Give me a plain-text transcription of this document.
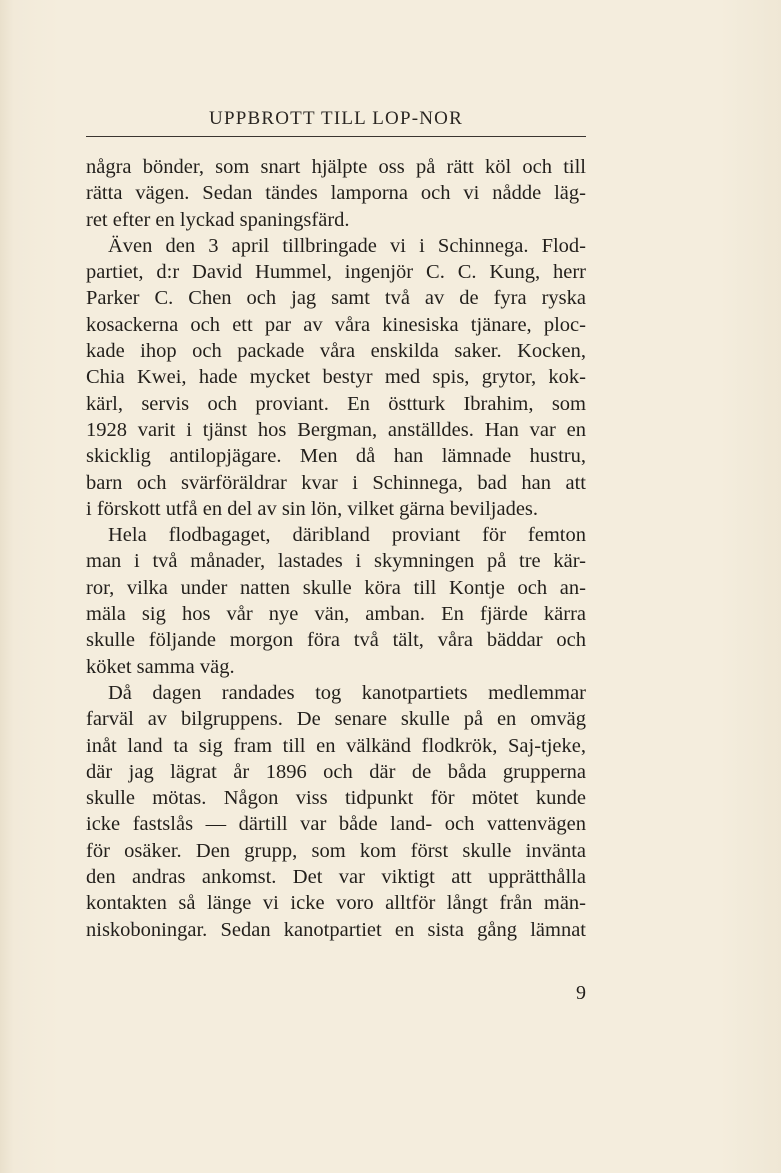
UPPBROTT TILL LOP-NOR
några bönder, som snart hjälpte oss på rätt köl och till
rätta vägen. Sedan tändes lamporna och vi nådde läg-
ret efter en lyckad spaningsfärd.
Även den 3 april tillbringade vi i Schinnega. Flod-
partiet, d:r David Hummel, ingenjör C. C. Kung, herr
Parker C. Chen och jag samt två av de fyra ryska
kosackerna och ett par av våra kinesiska tjänare, ploc-
kade ihop och packade våra enskilda saker. Kocken,
Chia Kwei, hade mycket bestyr med spis, grytor, kok-
kärl, servis och proviant. En östturk Ibrahim, som
1928 varit i tjänst hos Bergman, anställdes. Han var en
skicklig antilopjägare. Men då han lämnade hustru,
barn och svärföräldrar kvar i Schinnega, bad han att
i förskott utfå en del av sin lön, vilket gärna beviljades.
Hela flodbagaget, däribland proviant för femton
man i två månader, lastades i skymningen på tre kär-
ror, vilka under natten skulle köra till Kontje och an-
mäla sig hos vår nye vän, amban. En fjärde kärra
skulle följande morgon föra två tält, våra bäddar och
köket samma väg.
Då dagen randades tog kanotpartiets medlemmar
farväl av bilgruppens. De senare skulle på en omväg
inåt land ta sig fram till en välkänd flodkrök, Saj-tjeke,
där jag lägrat år 1896 och där de båda grupperna
skulle mötas. Någon viss tidpunkt för mötet kunde
icke fastslås — därtill var både land- och vattenvägen
för osäker. Den grupp, som kom först skulle invänta
den andras ankomst. Det var viktigt att upprätthålla
kontakten så länge vi icke voro alltför långt från män-
niskoboningar. Sedan kanotpartiet en sista gång lämnat
9
